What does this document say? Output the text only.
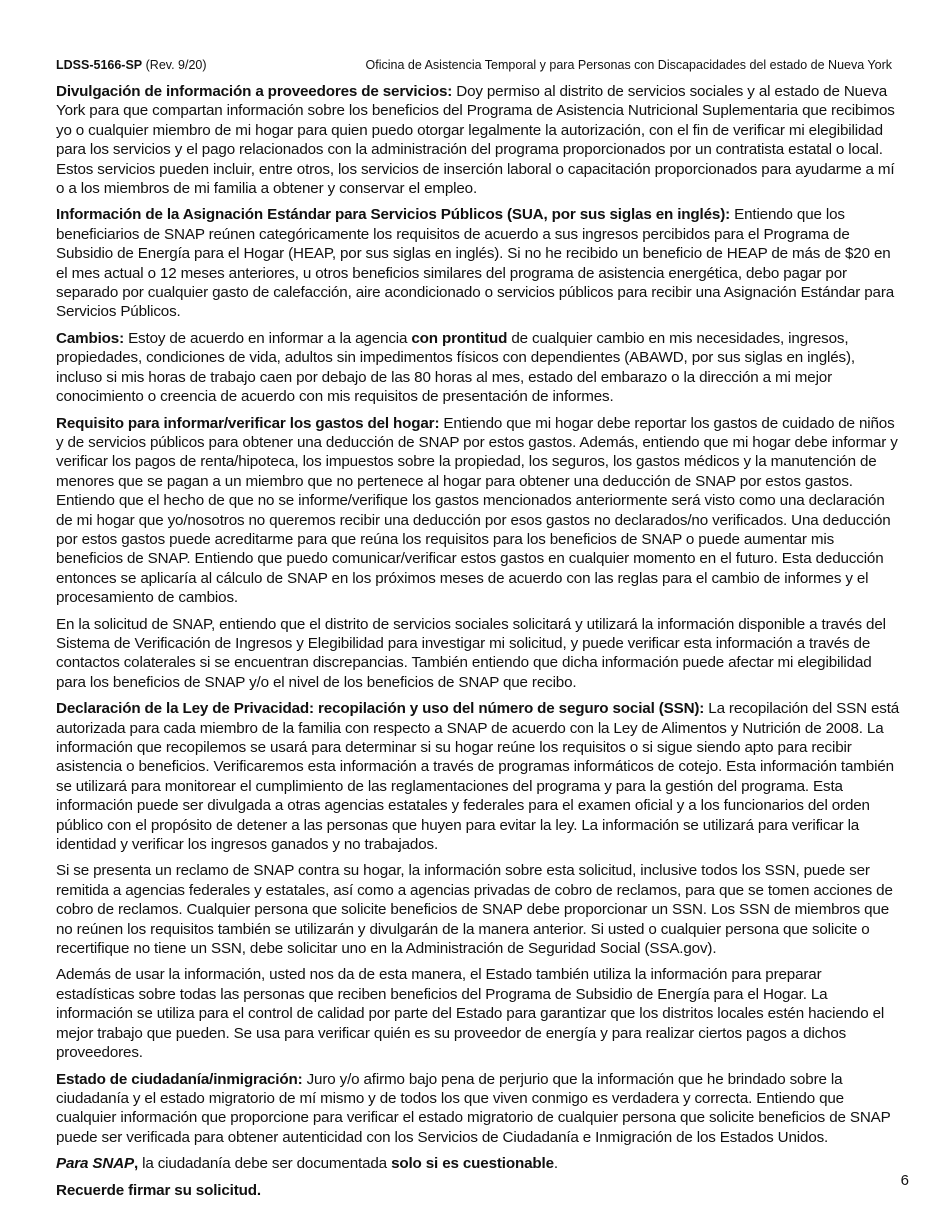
LDSS-5166-SP (Rev. 9/20)	Oficina de Asistencia Temporal y para Personas con Discapacidades del estado de Nueva York

Divulgación de información a proveedores de servicios: Doy permiso al distrito de servicios sociales y al estado de Nueva York para que compartan información sobre los beneficios del Programa de Asistencia Nutricional Suplementaria que recibimos yo o cualquier miembro de mi hogar para quien puedo otorgar legalmente la autorización, con el fin de verificar mi elegibilidad para los servicios y el pago relacionados con la administración del programa proporcionados por un contratista estatal o local. Estos servicios pueden incluir, entre otros, los servicios de inserción laboral o capacitación proporcionados para ayudarme a mí o a los miembros de mi familia a obtener y conservar el empleo.

Información de la Asignación Estándar para Servicios Públicos (SUA, por sus siglas en inglés): Entiendo que los beneficiarios de SNAP reúnen categóricamente los requisitos de acuerdo a sus ingresos percibidos para el Programa de Subsidio de Energía para el Hogar (HEAP, por sus siglas en inglés). Si no he recibido un beneficio de HEAP de más de $20 en el mes actual o 12 meses anteriores, u otros beneficios similares del programa de asistencia energética, debo pagar por separado por cualquier gasto de calefacción, aire acondicionado o servicios públicos para recibir una Asignación Estándar para Servicios Públicos.

Cambios: Estoy de acuerdo en informar a la agencia con prontitud de cualquier cambio en mis necesidades, ingresos, propiedades, condiciones de vida, adultos sin impedimentos físicos con dependientes (ABAWD, por sus siglas en inglés), incluso si mis horas de trabajo caen por debajo de las 80 horas al mes, estado del embarazo o la dirección a mi mejor conocimiento o creencia de acuerdo con mis requisitos de presentación de informes.

Requisito para informar/verificar los gastos del hogar: Entiendo que mi hogar debe reportar los gastos de cuidado de niños y de servicios públicos para obtener una deducción de SNAP por estos gastos. Además, entiendo que mi hogar debe informar y verificar los pagos de renta/hipoteca, los impuestos sobre la propiedad, los seguros, los gastos médicos y la manutención de menores que se pagan a un miembro que no pertenece al hogar para obtener una deducción de SNAP por estos gastos. Entiendo que el hecho de que no se informe/verifique los gastos mencionados anteriormente será visto como una declaración de mi hogar que yo/nosotros no queremos recibir una deducción por esos gastos no declarados/no verificados. Una deducción por estos gastos puede acreditarme para que reúna los requisitos para los beneficios de SNAP o puede aumentar mis beneficios de SNAP. Entiendo que puedo comunicar/verificar estos gastos en cualquier momento en el futuro. Esta deducción entonces se aplicaría al cálculo de SNAP en los próximos meses de acuerdo con las reglas para el cambio de informes y el procesamiento de cambios.

En la solicitud de SNAP, entiendo que el distrito de servicios sociales solicitará y utilizará la información disponible a través del Sistema de Verificación de Ingresos y Elegibilidad para investigar mi solicitud, y puede verificar esta información a través de contactos colaterales si se encuentran discrepancias. También entiendo que dicha información puede afectar mi elegibilidad para los beneficios de SNAP y/o el nivel de los beneficios de SNAP que recibo.

Declaración de la Ley de Privacidad: recopilación y uso del número de seguro social (SSN): La recopilación del SSN está autorizada para cada miembro de la familia con respecto a SNAP de acuerdo con la Ley de Alimentos y Nutrición de 2008. La información que recopilemos se usará para determinar si su hogar reúne los requisitos o si sigue siendo apto para recibir asistencia o beneficios. Verificaremos esta información a través de programas informáticos de cotejo. Esta información también se utilizará para monitorear el cumplimiento de las reglamentaciones del programa y para la gestión del programa. Esta información puede ser divulgada a otras agencias estatales y federales para el examen oficial y a los funcionarios del orden público con el propósito de detener a las personas que huyen para evitar la ley. La información se utilizará para verificar la identidad y verificar los ingresos ganados y no trabajados.

Si se presenta un reclamo de SNAP contra su hogar, la información sobre esta solicitud, inclusive todos los SSN, puede ser remitida a agencias federales y estatales, así como a agencias privadas de cobro de reclamos, para que se tomen acciones de cobro de reclamos. Cualquier persona que solicite beneficios de SNAP debe proporcionar un SSN. Los SSN de miembros que no reúnen los requisitos también se utilizarán y divulgarán de la manera anterior. Si usted o cualquier persona que solicite o recertifique no tiene un SSN, debe solicitar uno en la Administración de Seguridad Social (SSA.gov).

Además de usar la información, usted nos da de esta manera, el Estado también utiliza la información para preparar estadísticas sobre todas las personas que reciben beneficios del Programa de Subsidio de Energía para el Hogar. La información se utiliza para el control de calidad por parte del Estado para garantizar que los distritos locales estén haciendo el mejor trabajo que pueden. Se usa para verificar quién es su proveedor de energía y para realizar ciertos pagos a dichos proveedores.

Estado de ciudadanía/inmigración: Juro y/o afirmo bajo pena de perjurio que la información que he brindado sobre la ciudadanía y el estado migratorio de mí mismo y de todos los que viven conmigo es verdadera y correcta. Entiendo que cualquier información que proporcione para verificar el estado migratorio de cualquier persona que solicite beneficios de SNAP puede ser verificada para obtener autenticidad con los Servicios de Ciudadanía e Inmigración de los Estados Unidos.

Para SNAP, la ciudadanía debe ser documentada solo si es cuestionable.

Recuerde firmar su solicitud.

6
